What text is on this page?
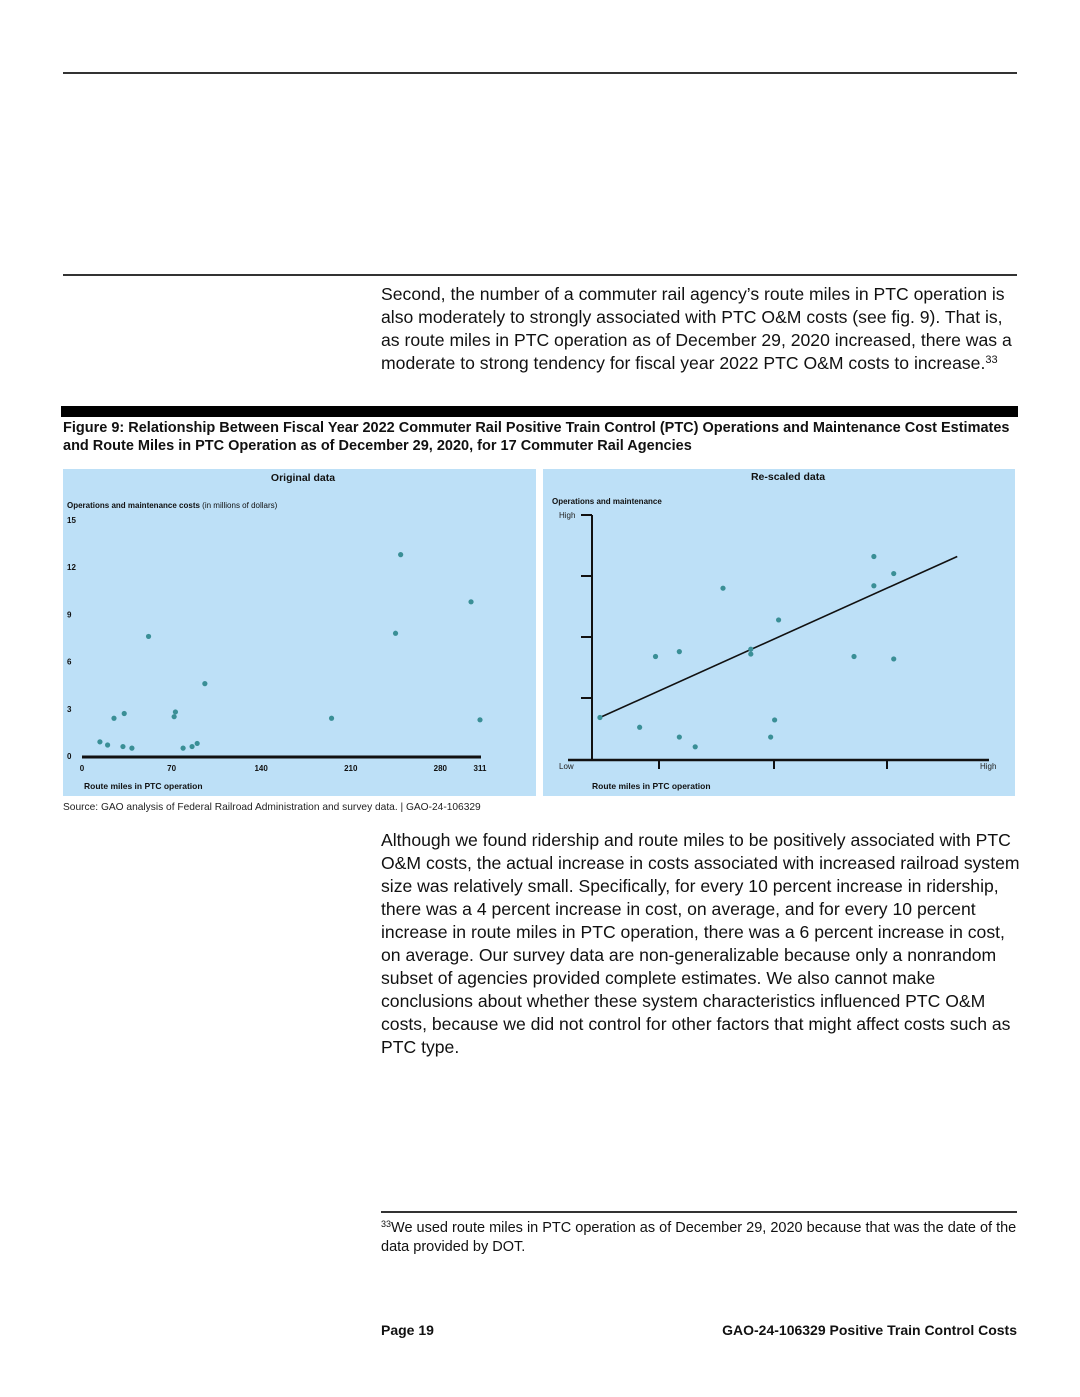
Second, the number of a commuter rail agency’s route miles in PTC operation is also moderately to strongly associated with PTC O&M costs (see fig. 9). That is, as route miles in PTC operation as of December 29, 2020 increased, there was a moderate to strong tendency for fiscal year 2022 PTC O&M costs to increase.$^{33}$
Figure 9: Relationship Between Fiscal Year 2022 Commuter Rail Positive Train Control (PTC) Operations and Maintenance Cost Estimates and Route Miles in PTC Operation as of December 29, 2020, for 17 Commuter Rail Agencies
Original data
Operations and maintenance costs (in millions of dollars)
0
3
6
9
12
15
0	70	140	210	280	311
Route miles in PTC operation
Re-scaled data
Operations and maintenance
High
Low	High
Route miles in PTC operation
Source: GAO analysis of Federal Railroad Administration and survey data. | GAO-24-106329
Although we found ridership and route miles to be positively associated with PTC O&M costs, the actual increase in costs associated with increased railroad system size was relatively small. Specifically, for every 10 percent increase in ridership, there was a 4 percent increase in cost, on average, and for every 10 percent increase in route miles in PTC operation, there was a 6 percent increase in cost, on average. Our survey data are non-generalizable because only a nonrandom subset of agencies provided complete estimates. We also cannot make conclusions about whether these system characteristics influenced PTC O&M costs, because we did not control for other factors that might affect costs such as PTC type.
$^{33}$We used route miles in PTC operation as of December 29, 2020 because that was the date of the data provided by DOT.
Page 19	GAO-24-106329 Positive Train Control Costs
